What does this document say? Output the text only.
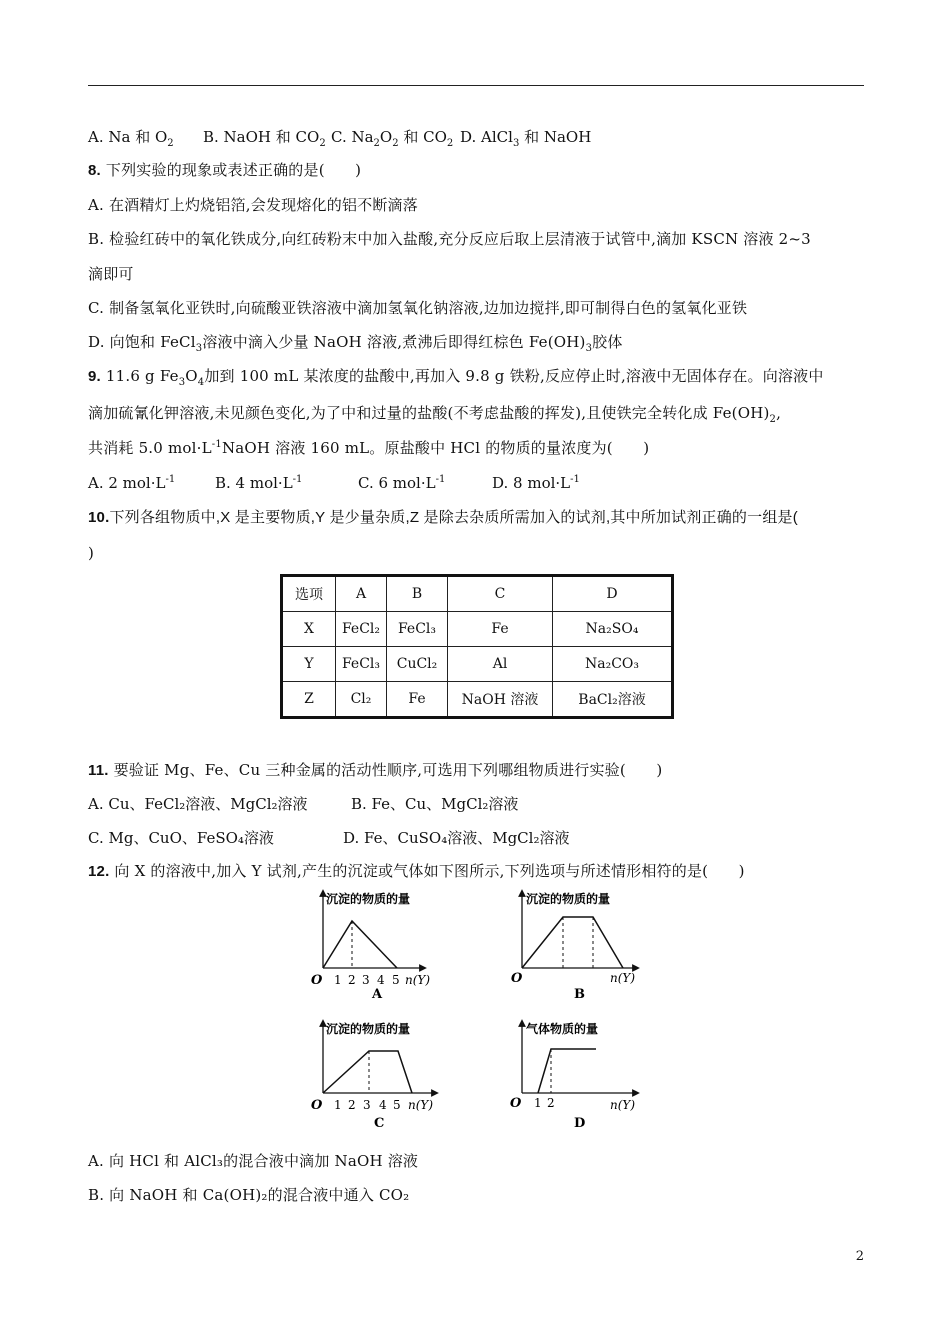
A. Na 和 $O_2$ B. NaOH 和 $CO_2$ C. $Na_2O_2$ 和 $CO_2$ D. AlCl$_3$ 和 NaOH
8. 下列实验的现象或表述正确的是(　　)
A. 在酒精灯上灼烧铝箔,会发现熔化的铝不断滴落
B. 检验红砖中的氧化铁成分,向红砖粉末中加入盐酸,充分反应后取上层清液于试管中,滴加 KSCN 溶液 2~3
滴即可
C. 制备氢氧化亚铁时,向硫酸亚铁溶液中滴加氢氧化钠溶液,边加边搅拌,即可制得白色的氢氧化亚铁
D. 向饱和 FeCl$_3$溶液中滴入少量 NaOH 溶液,煮沸后即得红棕色 $Fe(OH)_3$胶体
9. 11.6 g $Fe_3O_4$加到 100 mL 某浓度的盐酸中,再加入 9.8 g 铁粉,反应停止时,溶液中无固体存在。向溶液中
滴加硫氰化钾溶液,未见颜色变化,为了中和过量的盐酸(不考虑盐酸的挥发),且使铁完全转化成 $Fe(OH)_2$,
共消耗 5.0 $mol\cdot L^{-1}NaOH$ 溶液 160 mL。原盐酸中 HCl 的物质的量浓度为(　　)
A. 2 $mol\cdot L^{-1}$	B. 4 $mol\cdot L^{-1}$	C. 6 $mol\cdot L^{-1}$	D. 8 $mol\cdot L^{-1}$
10.下列各组物质中,X 是主要物质,Y 是少量杂质,Z 是除去杂质所需加入的试剂,其中所加试剂正确的一组是(
)
选项	A	B	C	D
X	FeCl₂	FeCl₃	Fe	Na₂SO₄
Y	FeCl₃	CuCl₂	Al	Na₂CO₃
Z	Cl₂	Fe	NaOH 溶液	BaCl₂溶液
11. 要验证 Mg、Fe、Cu 三种金属的活动性顺序,可选用下列哪组物质进行实验(　　)
A. Cu、FeCl₂溶液、MgCl₂溶液	B. Fe、Cu、MgCl₂溶液
C. Mg、CuO、FeSO₄溶液	D. Fe、CuSO₄溶液、MgCl₂溶液
12. 向 X 的溶液中,加入 Y 试剂,产生的沉淀或气体如下图所示,下列选项与所述情形相符的是(　　)
沉淀的物质的量
O 1 2 3 4 5 n(Y)
A
沉淀的物质的量
O	n(Y)
B
沉淀的物质的量
O 1 2 3 4 5 n(Y)
C
气体物质的量
O 1 2	n(Y)
D
A. 向 HCl 和 AlCl₃的混合液中滴加 NaOH 溶液
B. 向 NaOH 和 Ca(OH)₂的混合液中通入 CO₂
2
